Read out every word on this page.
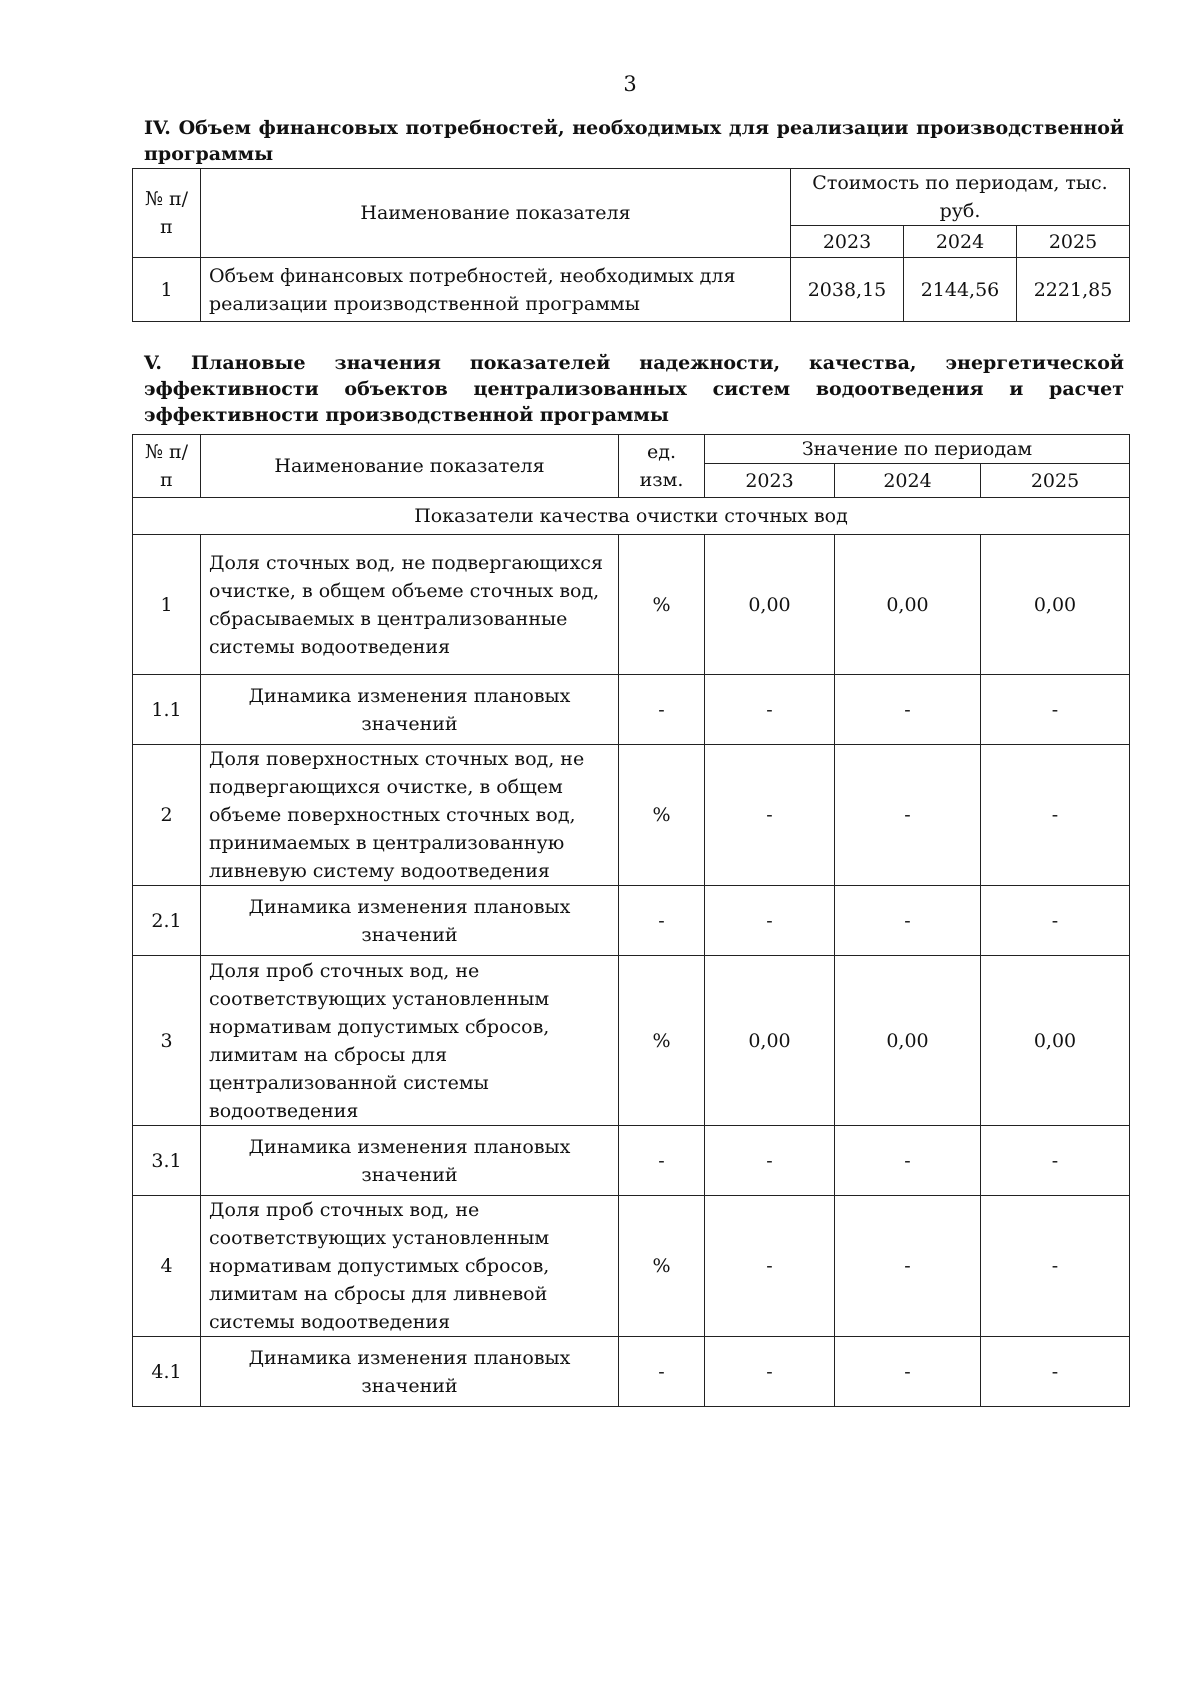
3
IV. Объем финансовых потребностей, необходимых для реализации производственной программы
№ п/п	Наименование показателя	Стоимость по периодам, тыс. руб.		
		2023	2024	2025
1	Объем финансовых потребностей, необходимых для реализации производственной программы	2038,15	2144,56	2221,85
V. Плановые значения показателей надежности, качества, энергетической эффективности объектов централизованных систем водоотведения и расчет эффективности производственной программы
№ п/п	Наименование показателя	ед. изм.	Значение по периодам		
			2023	2024	2025
Показатели качества очистки сточных вод					
1	Доля сточных вод, не подвергающихся очистке, в общем объеме сточных вод, сбрасываемых в централизованные системы водоотведения	%	0,00	0,00	0,00
1.1	Динамика изменения плановых значений	-	-	-	-
2	Доля поверхностных сточных вод, не подвергающихся очистке, в общем объеме поверхностных сточных вод, принимаемых в централизованную ливневую систему водоотведения	%	-	-	-
2.1	Динамика изменения плановых значений	-	-	-	-
3	Доля проб сточных вод, не соответствующих установленным нормативам допустимых сбросов, лимитам на сбросы для централизованной системы водоотведения	%	0,00	0,00	0,00
3.1	Динамика изменения плановых значений	-	-	-	-
4	Доля проб сточных вод, не соответствующих установленным нормативам допустимых сбросов, лимитам на сбросы для ливневой системы водоотведения	%	-	-	-
4.1	Динамика изменения плановых значений	-	-	-	-
